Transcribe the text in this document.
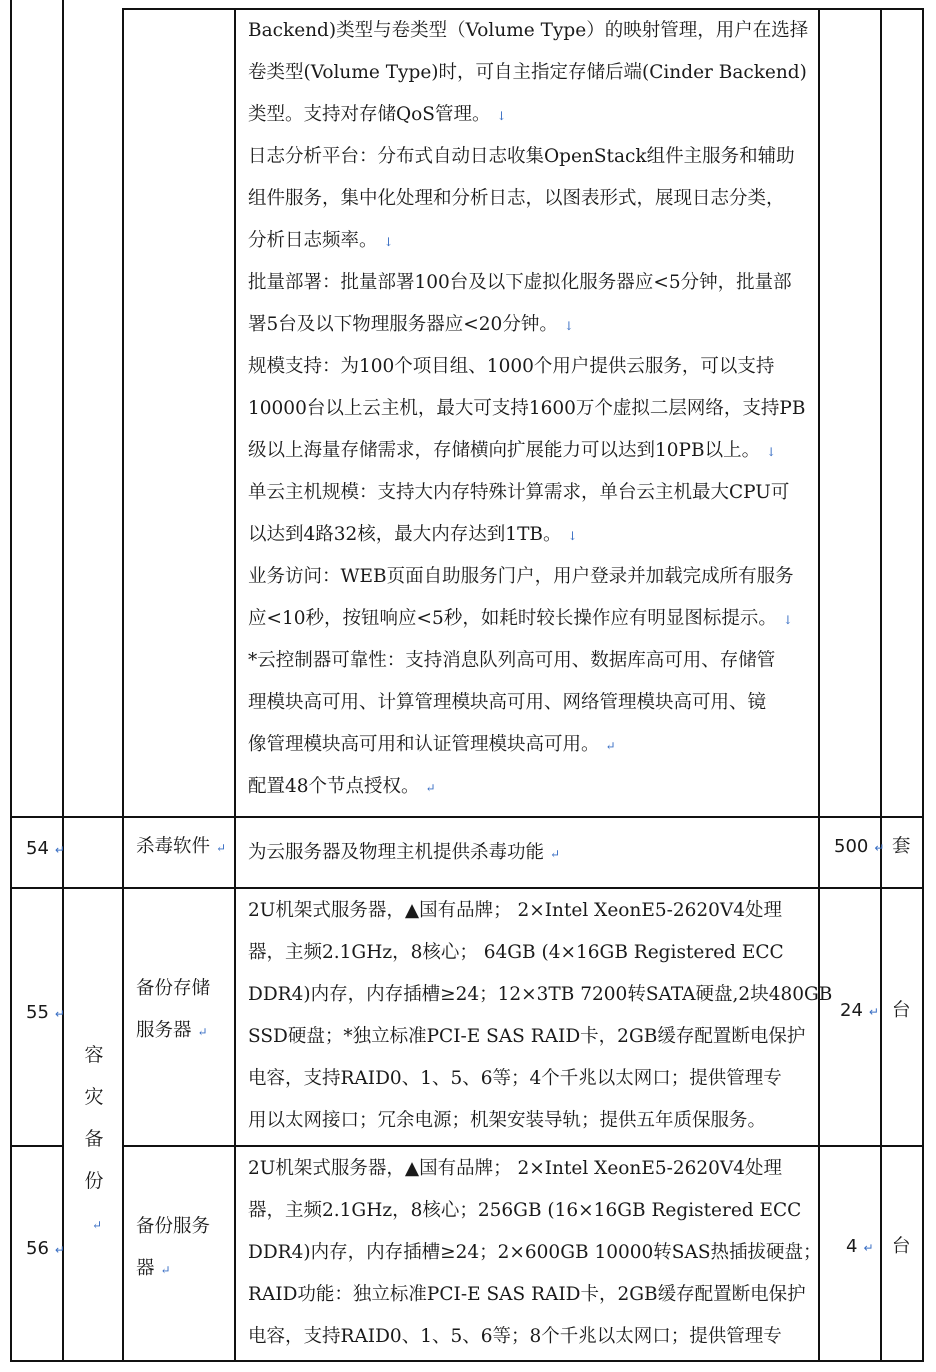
Backend)类型与卷类型（Volume Type）的映射管理，用户在选择
卷类型(Volume Type)时，可自主指定存储后端(Cinder Backend)
类型。支持对存储QoS管理。 ↓
日志分析平台：分布式自动日志收集OpenStack组件主服务和辅助
组件服务，集中化处理和分析日志，以图表形式，展现日志分类，
分析日志频率。 ↓
批量部署：批量部署100台及以下虚拟化服务器应<5分钟，批量部
署5台及以下物理服务器应<20分钟。 ↓
规模支持：为100个项目组、1000个用户提供云服务，可以支持
10000台以上云主机，最大可支持1600万个虚拟二层网络，支持PB
级以上海量存储需求，存储横向扩展能力可以达到10PB以上。 ↓
单云主机规模：支持大内存特殊计算需求，单台云主机最大CPU可
以达到4路32核，最大内存达到1TB。 ↓
业务访问：WEB页面自助服务门户，用户登录并加载完成所有服务
应<10秒，按钮响应<5秒，如耗时较长操作应有明显图标提示。 ↓
*云控制器可靠性：支持消息队列高可用、数据库高可用、存储管
理模块高可用、计算管理模块高可用、网络管理模块高可用、镜
像管理模块高可用和认证管理模块高可用。 ↵
配置48个节点授权。 ↵
54 ↵	杀毒软件 ↵ 为云服务器及物理主机提供杀毒功能 ↵	500 ↵ 套
容
灾
备
份↵
55 ↵
备份存储
服务器 ↵
2U机架式服务器，▲国有品牌； 2×Intel XeonE5-2620V4处理
器，主频2.1GHz，8核心； 64GB (4×16GB Registered ECC
DDR4)内存，内存插槽≥24；12×3TB 7200转SATA硬盘,2块480GB
SSD硬盘；*独立标准PCI-E SAS RAID卡，2GB缓存配置断电保护
电容，支持RAID0、1、5、6等；4个千兆以太网口；提供管理专
用以太网接口；冗余电源；机架安装导轨；提供五年质保服务。
24 ↵ 台
56 ↵
备份服务
器 ↵
2U机架式服务器，▲国有品牌； 2×Intel XeonE5-2620V4处理
器，主频2.1GHz，8核心；256GB (16×16GB Registered ECC
DDR4)内存，内存插槽≥24；2×600GB 10000转SAS热插拔硬盘；
RAID功能：独立标准PCI-E SAS RAID卡，2GB缓存配置断电保护
电容，支持RAID0、1、5、6等；8个千兆以太网口；提供管理专
4 ↵ 台
